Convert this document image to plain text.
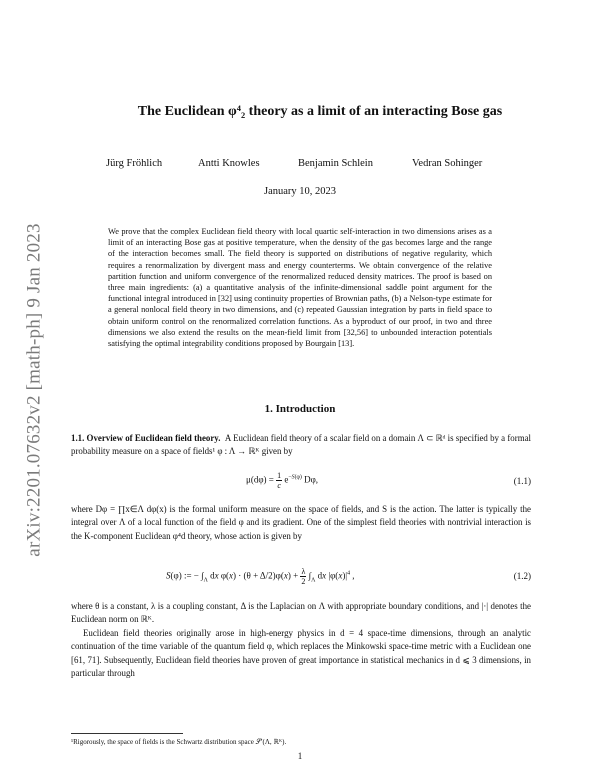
arXiv:2201.07632v2 [math-ph] 9 Jan 2023
The Euclidean φ⁴₂ theory as a limit of an interacting Bose gas
Jürg Fröhlich	Antti Knowles	Benjamin Schlein	Vedran Sohinger
January 10, 2023
We prove that the complex Euclidean field theory with local quartic self-interaction in two dimensions arises as a limit of an interacting Bose gas at positive temperature, when the density of the gas becomes large and the range of the interaction becomes small. The field theory is supported on distributions of negative regularity, which requires a renormalization by divergent mass and energy counterterms. We obtain convergence of the relative partition function and uniform convergence of the renormalized reduced density matrices. The proof is based on three main ingredients: (a) a quantitative analysis of the infinite-dimensional saddle point argument for the functional integral introduced in [32] using continuity properties of Brownian paths, (b) a Nelson-type estimate for a general nonlocal field theory in two dimensions, and (c) repeated Gaussian integration by parts in field space to obtain uniform control on the renormalized correlation functions. As a byproduct of our proof, in two and three dimensions we also extend the results on the mean-field limit from [32,56] to unbounded interaction potentials satisfying the optimal integrability conditions proposed by Bourgain [13].
1. Introduction

1.1. Overview of Euclidean field theory. A Euclidean field theory of a scalar field on a domain Λ ⊂ ℝᵈ is specified by a formal probability measure on a space of fields¹ φ : Λ → ℝᴷ given by

$\mu(d\varphi) = \frac{1}{c} e^{-S(\varphi)}$ Dφ,	(1.1)
where Dφ = ∏x∈Λ dφ(x) is the formal uniform measure on the space of fields, and S is the action. The latter is typically the integral over Λ of a local function of the field φ and its gradient. One of the simplest field theories with nontrivial interaction is the K-component Euclidean φ⁴d theory, whose action is given by
S(φ) := − $\int_\Lambda$ dx $\varphi(x) \cdot (\theta + \Delta/2)\varphi(x) + \frac{\lambda}{2} \int_\Lambda$ dx $|\varphi(x)|^4$ ,	(1.2)
where θ is a constant, λ is a coupling constant, Δ is the Laplacian on Λ with appropriate boundary conditions, and |·| denotes the Euclidean norm on ℝᴷ.
Euclidean field theories originally arose in high-energy physics in d = 4 space-time dimensions, through an analytic continuation of the time variable of the quantum field φ, which replaces the Minkowski space-time metric with a Euclidean one [61, 71]. Subsequently, Euclidean field theories have proven of great importance in statistical mechanics in d ⩽ 3 dimensions, in particular through
¹Rigorously, the space of fields is the Schwartz distribution space 𝒮′(Λ, ℝᴷ).
1
